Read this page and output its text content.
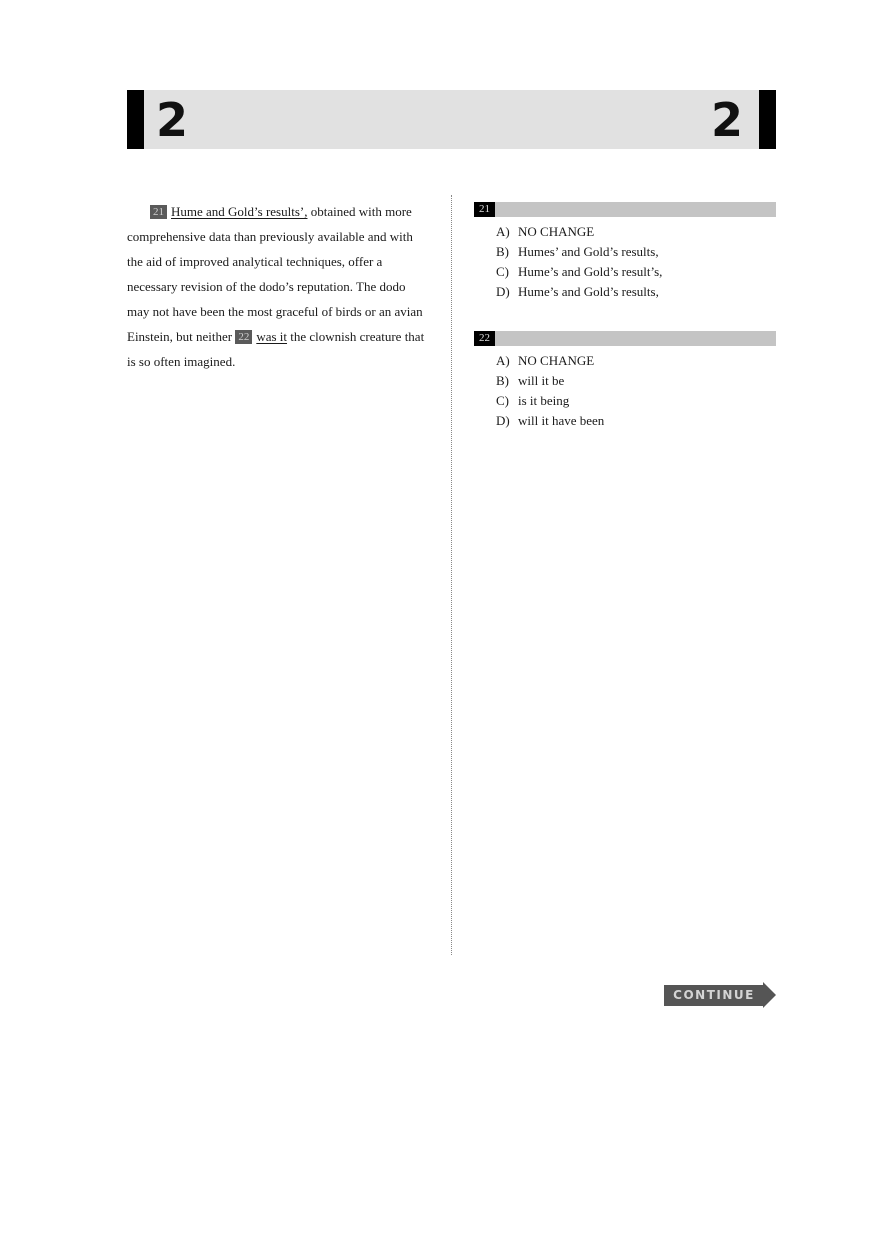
2	2
21 Hume and Gold’s results’, obtained with more
comprehensive data than previously available and with
the aid of improved analytical techniques, offer a
necessary revision of the dodo’s reputation. The dodo
may not have been the most graceful of birds or an avian
Einstein, but neither 22 was it the clownish creature that
is so often imagined.
21
A) NO CHANGE
B) Humes’ and Gold’s results,
C) Hume’s and Gold’s result’s,
D) Hume’s and Gold’s results,
22
A) NO CHANGE
B) will it be
C) is it being
D) will it have been
CONTINUE
